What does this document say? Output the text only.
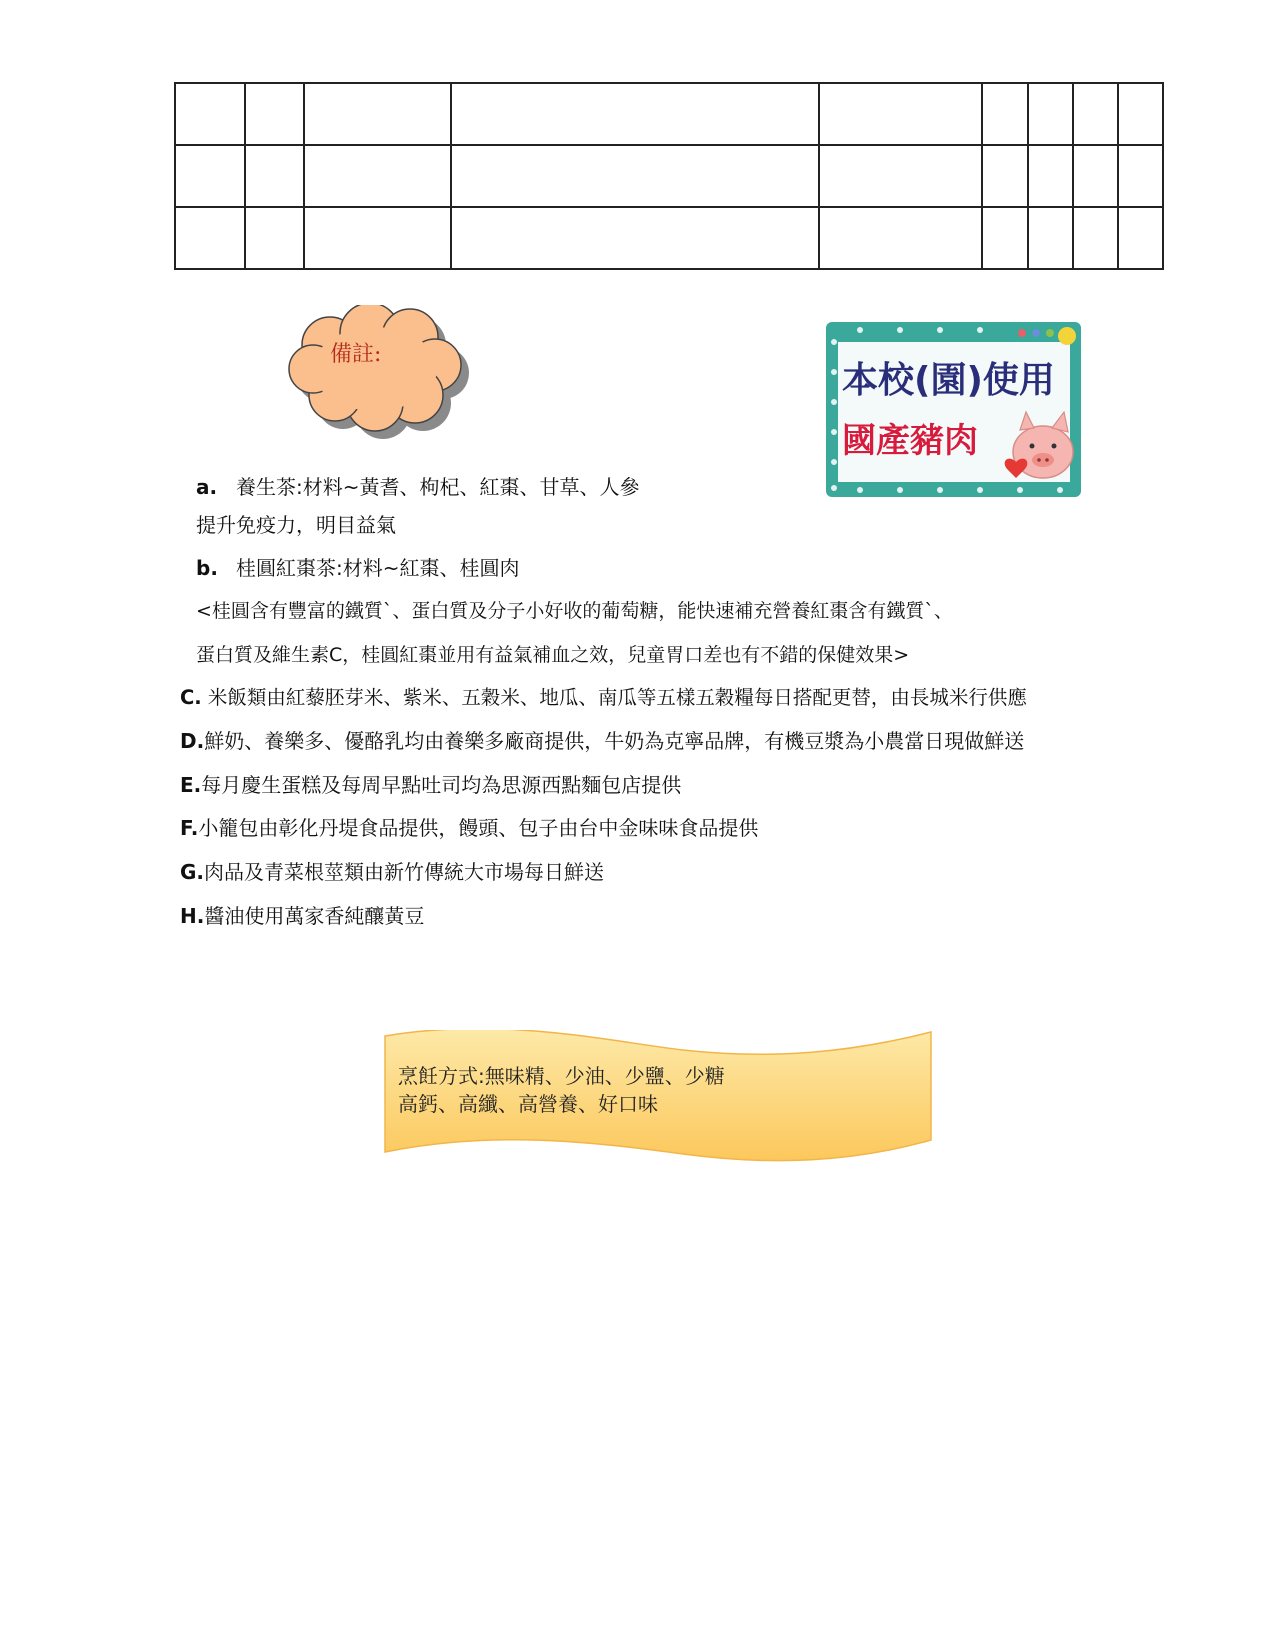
備註:
本校(園)使用
國產豬肉
a. 養生茶:材料~黃耆、枸杞、紅棗、甘草、人參
提升免疫力，明目益氣
b. 桂圓紅棗茶:材料~紅棗、桂圓肉
<桂圓含有豐富的鐵質`、蛋白質及分子小好收的葡萄糖，能快速補充營養紅棗含有鐵質`、
蛋白質及維生素C，桂圓紅棗並用有益氣補血之效，兒童胃口差也有不錯的保健效果>
C. 米飯類由紅藜胚芽米、紫米、五穀米、地瓜、南瓜等五樣五穀糧每日搭配更替，由長城米行供應
D.鮮奶、養樂多、優酪乳均由養樂多廠商提供，牛奶為克寧品牌，有機豆漿為小農當日現做鮮送
E.每月慶生蛋糕及每周早點吐司均為思源西點麵包店提供
F.小籠包由彰化丹堤食品提供，饅頭、包子由台中金味味食品提供
G.肉品及青菜根莖類由新竹傳統大市場每日鮮送
H.醬油使用萬家香純釀黃豆
烹飪方式:無味精、少油、少鹽、少糖
高鈣、高纖、高營養、好口味
